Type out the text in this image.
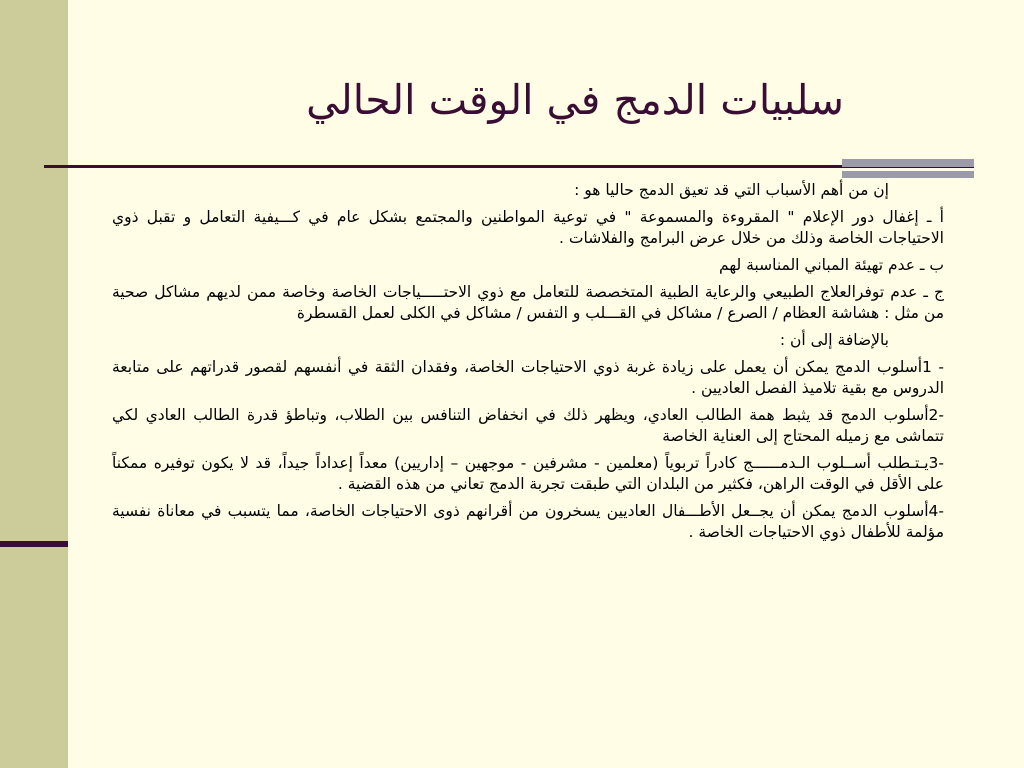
سلبيات الدمج في الوقت الحالي

إن من أهم الأسباب التي قد تعيق الدمج حاليا هو :

أ ـ إغفال دور الإعلام " المقروءة والمسموعة " في توعية المواطنين والمجتمع بشكل عام في كـــيفية التعامل و تقبل ذوي الاحتياجات الخاصة وذلك من خلال عرض البرامج والفلاشات .

ب ـ عدم تهيئة المباني المناسبة لهم

ج ـ عدم توفرالعلاج الطبيعي والرعاية الطبية المتخصصة للتعامل مع ذوي الاحتـــــياجات الخاصة وخاصة ممن لديهم مشاكل صحية من مثل : هشاشة العظام / الصرع / مشاكل في القـــلب و التفس / مشاكل في الكلى لعمل القسطرة

بالإضافة إلى أن :

- 1أسلوب الدمج يمكن أن يعمل على زيادة غربة ذوي الاحتياجات الخاصة، وفقدان الثقة في أنفسهم لقصور قدراتهم على متابعة الدروس مع بقية تلاميذ الفصل العاديين .

-2أسلوب الدمج قد يثبط همة الطالب العادي، ويظهر ذلك في انخفاض التنافس بين الطلاب، وتباطؤ قدرة الطالب العادي لكي تتماشى مع زميله المحتاج إلى العناية الخاصة

-3يـتـطلب أســلوب الـدمــــــج كادراً تربوياً (معلمين - مشرفين - موجهين – إداريين) معداً إعداداً جيداً، قد لا يكون توفيره ممكناً على الأقل في الوقت الراهن، فكثير من البلدان التي طبقت تجربة الدمج تعاني من هذه القضية .

-4أسلوب الدمج يمكن أن يجــعل الأطـــفال العاديين يسخرون من أقرانهم ذوى الاحتياجات الخاصة، مما يتسبب في معاناة نفسية مؤلمة للأطفال ذوي الاحتياجات الخاصة .
